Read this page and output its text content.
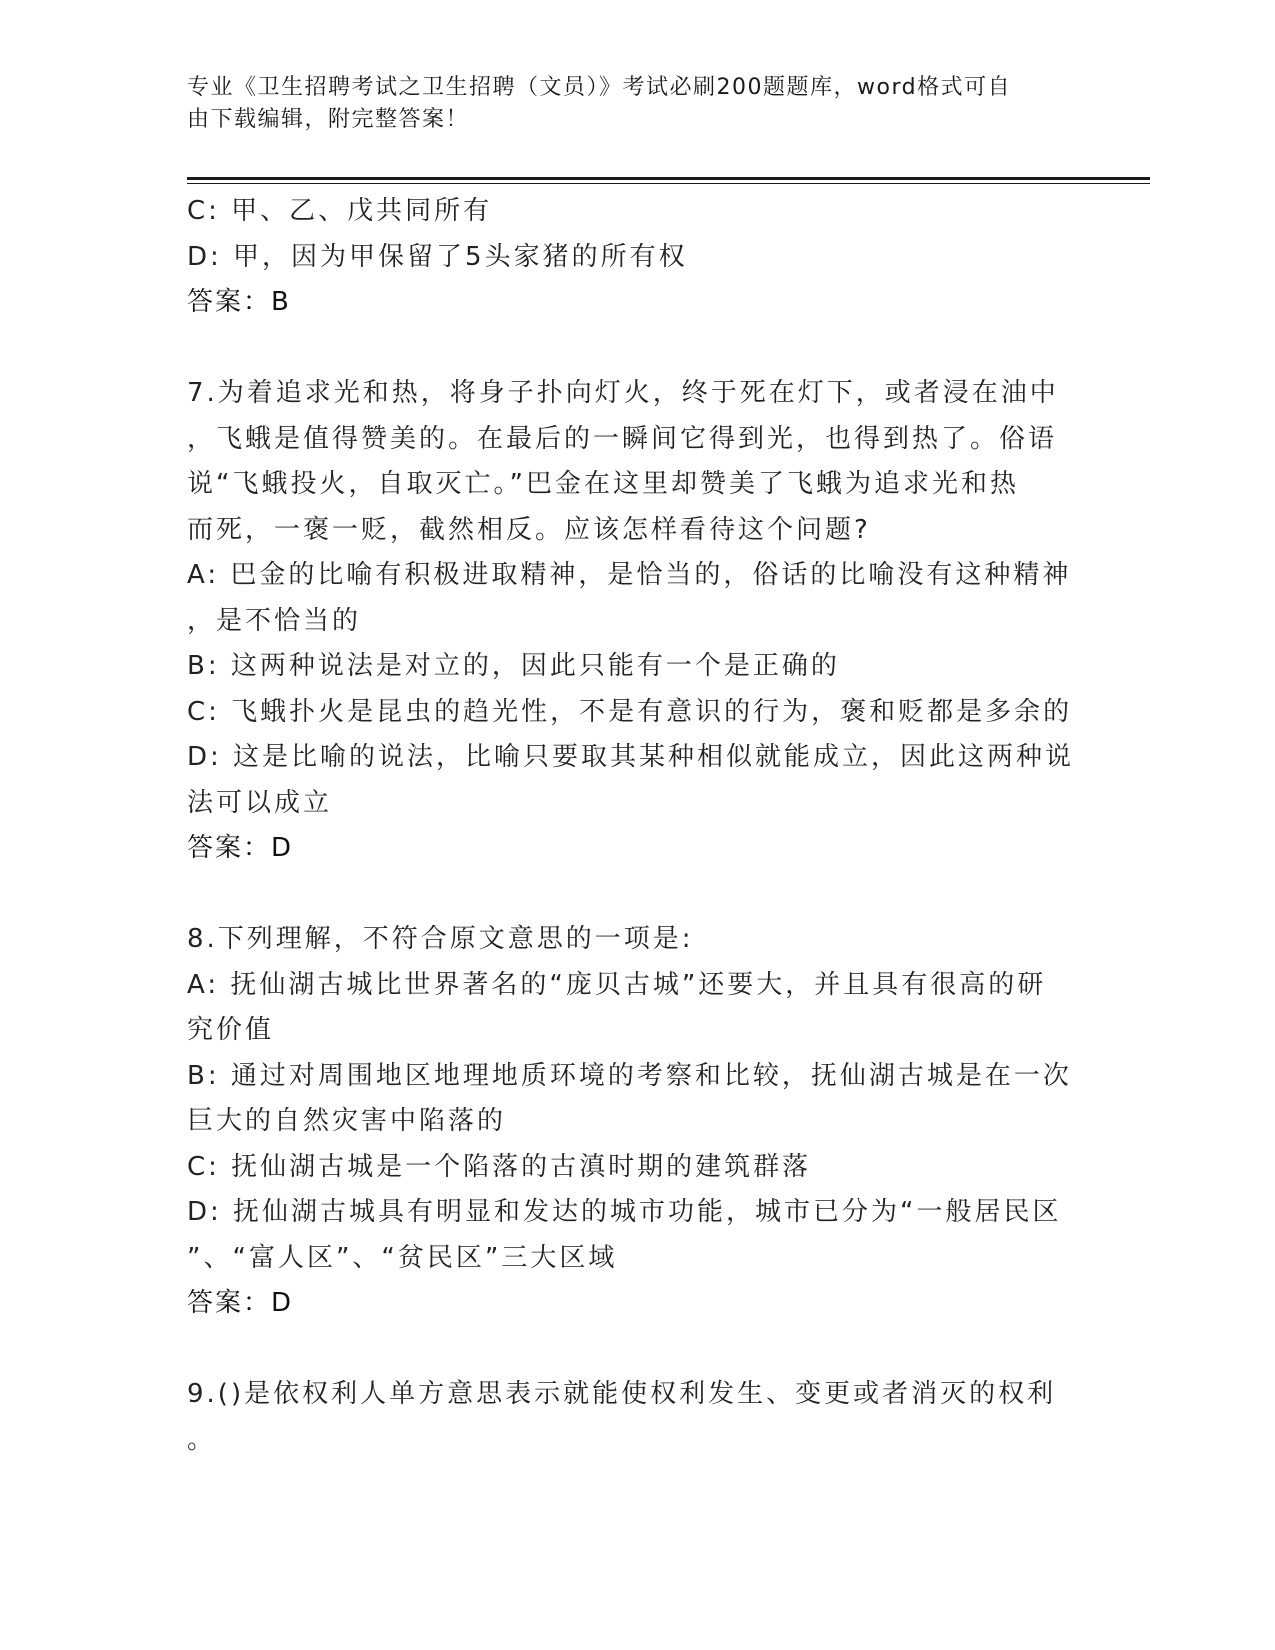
专业《卫生招聘考试之卫生招聘（文员）》考试必刷200题题库，word格式可自
由下载编辑，附完整答案！
C: 甲、乙、戊共同所有
D: 甲，因为甲保留了5头家猪的所有权
答案：B
7.为着追求光和热，将身子扑向灯火，终于死在灯下，或者浸在油中
，飞蛾是值得赞美的。在最后的一瞬间它得到光，也得到热了。俗语
说“飞蛾投火，自取灭亡。”巴金在这里却赞美了飞蛾为追求光和热
而死，一褒一贬，截然相反。应该怎样看待这个问题?
A: 巴金的比喻有积极进取精神，是恰当的，俗话的比喻没有这种精神
，是不恰当的
B: 这两种说法是对立的，因此只能有一个是正确的
C: 飞蛾扑火是昆虫的趋光性，不是有意识的行为，褒和贬都是多余的
D: 这是比喻的说法，比喻只要取其某种相似就能成立，因此这两种说
法可以成立
答案：D
8.下列理解，不符合原文意思的一项是:
A: 抚仙湖古城比世界著名的“庞贝古城”还要大，并且具有很高的研
究价值
B: 通过对周围地区地理地质环境的考察和比较，抚仙湖古城是在一次
巨大的自然灾害中陷落的
C: 抚仙湖古城是一个陷落的古滇时期的建筑群落
D: 抚仙湖古城具有明显和发达的城市功能，城市已分为“一般居民区
”、“富人区”、“贫民区”三大区域
答案：D
9.()是依权利人单方意思表示就能使权利发生、变更或者消灭的权利
。
